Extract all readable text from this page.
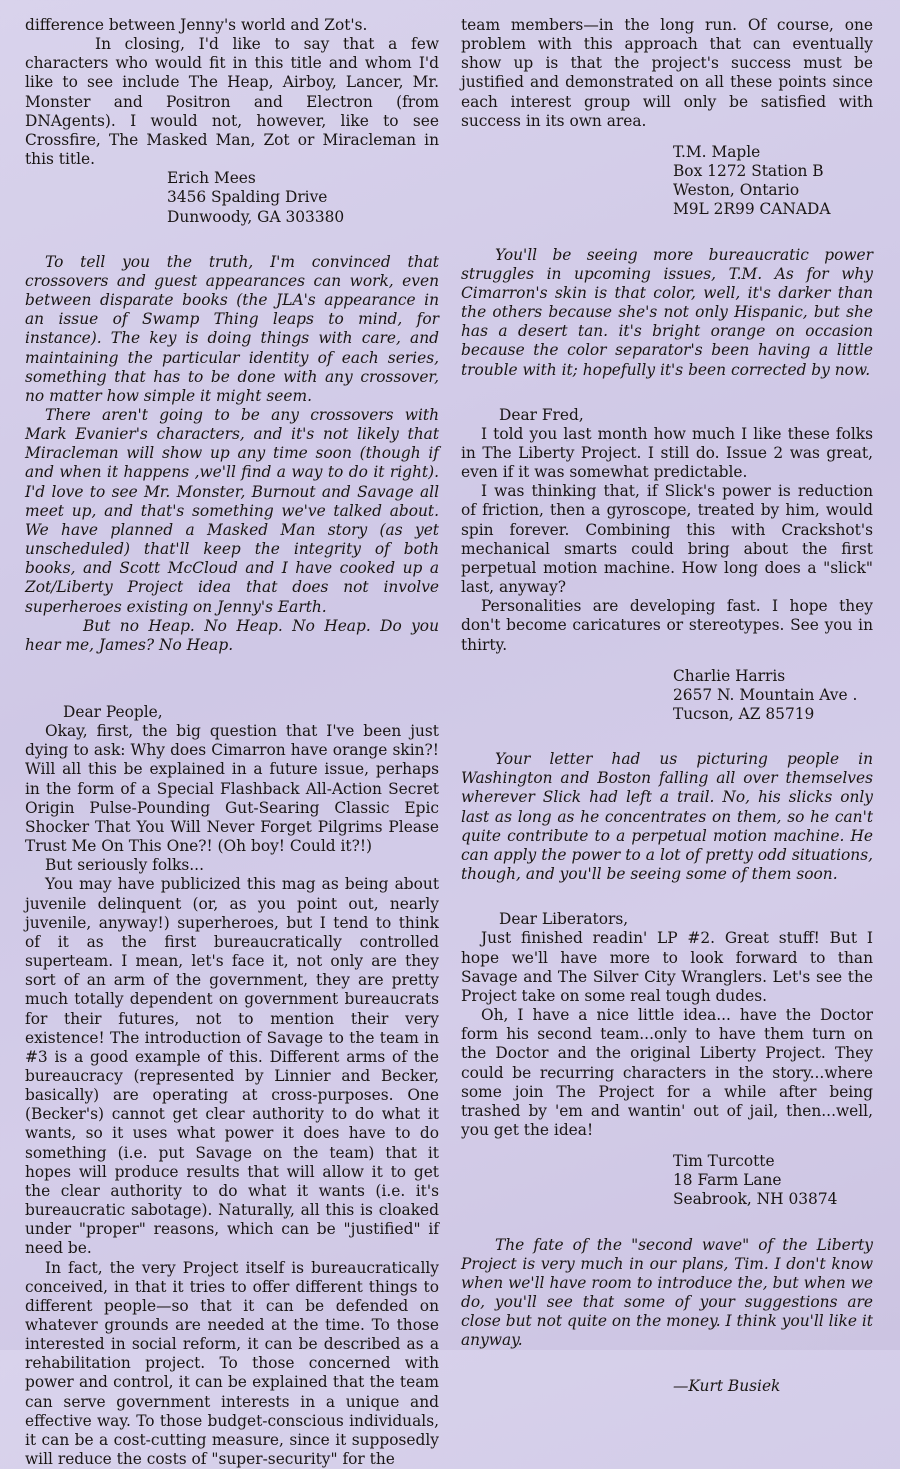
difference between Jenny's world and Zot's.

In closing, I'd like to say that a few characters who would fit in this title and whom I'd like to see include The Heap, Airboy, Lancer, Mr. Monster and Positron and Electron (from DNAgents). I would not, however, like to see Crossfire, The Masked Man, Zot or Miracleman in this title.

Erich Mees
3456 Spalding Drive
Dunwoody, GA 303380

To tell you the truth, I'm convinced that crossovers and guest appearances can work, even between disparate books (the JLA's appearance in an issue of Swamp Thing leaps to mind, for instance). The key is doing things with care, and maintaining the particular identity of each series, something that has to be done with any crossover, no matter how simple it might seem.

There aren't going to be any crossovers with Mark Evanier's characters, and it's not likely that Miracleman will show up any time soon (though if and when it happens ,we'll find a way to do it right). I'd love to see Mr. Monster, Burnout and Savage all meet up, and that's something we've talked about. We have planned a Masked Man story (as yet unscheduled) that'll keep the integrity of both books, and Scott McCloud and I have cooked up a Zot/Liberty Project idea that does not involve superheroes existing on Jenny's Earth.

But no Heap. No Heap. No Heap. Do you hear me, James? No Heap.

Dear People,

Okay, first, the big question that I've been just dying to ask: Why does Cimarron have orange skin?! Will all this be explained in a future issue, perhaps in the form of a Special Flashback All-Action Secret Origin Pulse-Pounding Gut-Searing Classic Epic Shocker That You Will Never Forget Pilgrims Please Trust Me On This One?! (Oh boy! Could it?!)

But seriously folks...

You may have publicized this mag as being about juvenile delinquent (or, as you point out, nearly juvenile, anyway!) superheroes, but I tend to think of it as the first bureaucratically controlled superteam. I mean, let's face it, not only are they sort of an arm of the government, they are pretty much totally dependent on government bureaucrats for their futures, not to mention their very existence! The introduction of Savage to the team in #3 is a good example of this. Different arms of the bureaucracy (represented by Linnier and Becker, basically) are operating at cross-purposes. One (Becker's) cannot get clear authority to do what it wants, so it uses what power it does have to do something (i.e. put Savage on the team) that it hopes will produce results that will allow it to get the clear authority to do what it wants (i.e. it's bureaucratic sabotage). Naturally, all this is cloaked under "proper" reasons, which can be "justified" if need be.

In fact, the very Project itself is bureaucratically conceived, in that it tries to offer different things to different people—so that it can be defended on whatever grounds are needed at the time. To those interested in social reform, it can be described as a rehabilitation project. To those concerned with power and control, it can be explained that the team can serve government interests in a unique and effective way. To those budget-conscious individuals, it can be a cost-cutting measure, since it supposedly will reduce the costs of "super-security" for the

team members—in the long run. Of course, one problem with this approach that can eventually show up is that the project's success must be justified and demonstrated on all these points since each interest group will only be satisfied with success in its own area.

T.M. Maple
Box 1272 Station B
Weston, Ontario
M9L 2R99 CANADA

You'll be seeing more bureaucratic power struggles in upcoming issues, T.M. As for why Cimarron's skin is that color, well, it's darker than the others because she's not only Hispanic, but she has a desert tan. it's bright orange on occasion because the color separator's been having a little trouble with it; hopefully it's been corrected by now.

Dear Fred,

I told you last month how much I like these folks in The Liberty Project. I still do. Issue 2 was great, even if it was somewhat predictable.

I was thinking that, if Slick's power is reduction of friction, then a gyroscope, treated by him, would spin forever. Combining this with Crackshot's mechanical smarts could bring about the first perpetual motion machine. How long does a "slick" last, anyway?

Personalities are developing fast. I hope they don't become caricatures or stereotypes. See you in thirty.

Charlie Harris
2657 N. Mountain Ave .
Tucson, AZ 85719

Your letter had us picturing people in Washington and Boston falling all over themselves wherever Slick had left a trail. No, his slicks only last as long as he concentrates on them, so he can't quite contribute to a perpetual motion machine. He can apply the power to a lot of pretty odd situations, though, and you'll be seeing some of them soon.

Dear Liberators,

Just finished readin' LP #2. Great stuff! But I hope we'll have more to look forward to than Savage and The Silver City Wranglers. Let's see the Project take on some real tough dudes.

Oh, I have a nice little idea... have the Doctor form his second team...only to have them turn on the Doctor and the original Liberty Project. They could be recurring characters in the story...where some join The Project for a while after being trashed by 'em and wantin' out of jail, then...well, you get the idea!

Tim Turcotte
18 Farm Lane
Seabrook, NH 03874

The fate of the "second wave" of the Liberty Project is very much in our plans, Tim. I don't know when we'll have room to introduce the, but when we do, you'll see that some of your suggestions are close but not quite on the money. I think you'll like it anyway.

—Kurt Busiek
